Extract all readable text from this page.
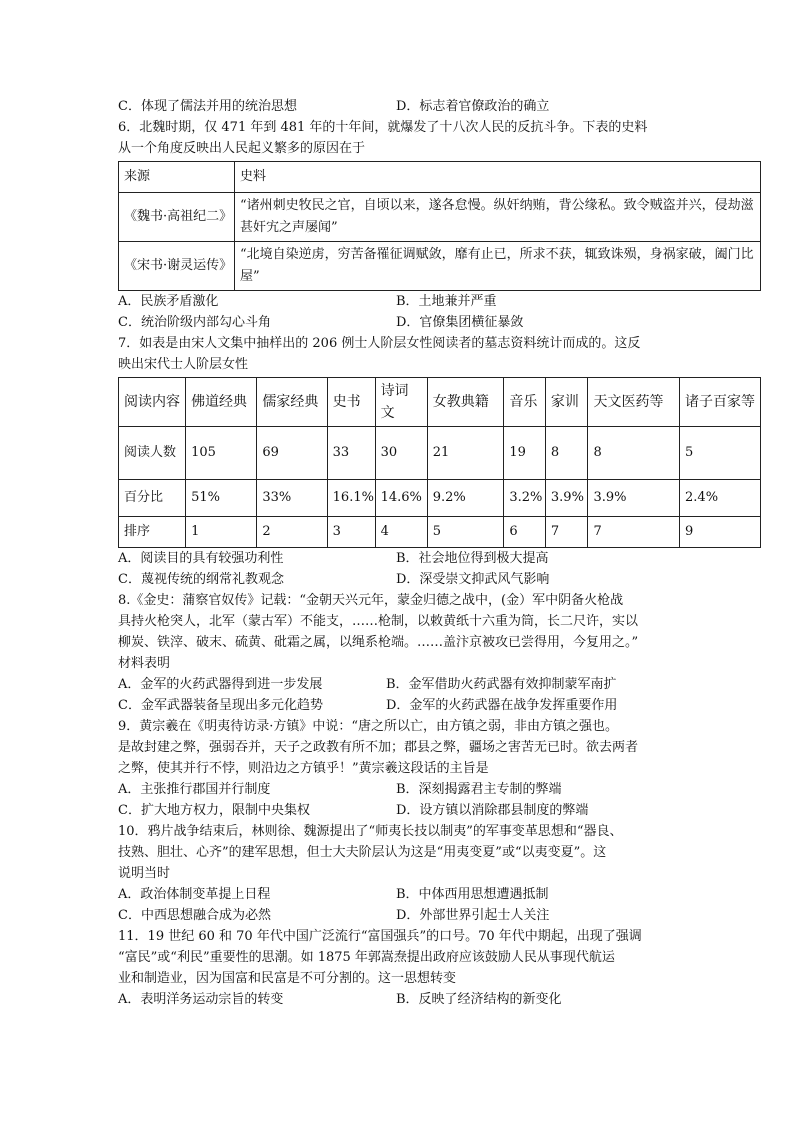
C．体现了儒法并用的统治思想	D．标志着官僚政治的确立
6．北魏时期，仅 471 年到 481 年的十年间，就爆发了十八次人民的反抗斗争。下表的史料
从一个角度反映出人民起义繁多的原因在于
来源	史料
《魏书·高祖纪二》	“诸州刺史牧民之官，自顷以来，遂各怠慢。纵奸纳贿，背公缘私。致令贼盗并兴，侵劫滋甚奸宄之声屡闻”
《宋书·谢灵运传》	“北境自染逆虏，穷苦备罹征调赋敛，靡有止已，所求不获，辄致诛殒，身祸家破，阖门比屋”
A．民族矛盾激化	B．土地兼并严重
C．统治阶级内部勾心斗角	D．官僚集团横征暴敛
7．如表是由宋人文集中抽样出的 206 例士人阶层女性阅读者的墓志资料统计而成的。这反
映出宋代士人阶层女性
阅读内容	佛道经典	儒家经典	史书	诗词文	女教典籍	音乐	家训	天文医药等	诸子百家等
阅读人数	105	69	33	30	21	19	8	8	5
百分比	51%	33%	16.1%	14.6%	9.2%	3.2%	3.9%	3.9%	2.4%
排序	1	2	3	4	5	6	7	7	9
A．阅读目的具有较强功利性	B．社会地位得到极大提高
C．蔑视传统的纲常礼教观念	D．深受崇文抑武风气影响
8.《金史：蒲察官奴传》记载：“金朝天兴元年，蒙金归德之战中，(金）军中阴备火枪战
具持火枪突人，北军（蒙古军）不能支，……枪制，以敕黄纸十六重为筒，长二尺许，实以
柳炭、铁滓、破末、硫黄、砒霜之属，以绳系枪端。……盖汴京被攻已尝得用，今复用之。”
材料表明
A．金军的火药武器得到进一步发展	B．金军借助火药武器有效抑制蒙军南扩
C．金军武器装备呈现出多元化趋势	D．金军的火药武器在战争发挥重要作用
9．黄宗羲在《明夷待访录·方镇》中说：“唐之所以亡，由方镇之弱，非由方镇之强也。
是故封建之弊，强弱吞并，天子之政教有所不加；郡县之弊，疆场之害苦无已时。欲去两者
之弊，使其并行不悖，则沿边之方镇乎！”黄宗羲这段话的主旨是
A．主张推行郡国并行制度	B．深刻揭露君主专制的弊端
C．扩大地方权力，限制中央集权	D．设方镇以消除郡县制度的弊端
10．鸦片战争结束后，林则徐、魏源提出了“师夷长技以制夷”的军事变革思想和“器良、
技熟、胆壮、心齐”的建军思想，但士大夫阶层认为这是“用夷变夏”或“以夷变夏”。这
说明当时
A．政治体制变革提上日程	B．中体西用思想遭遇抵制
C．中西思想融合成为必然	D．外部世界引起士人关注
11．19 世纪 60 和 70 年代中国广泛流行“富国强兵”的口号。70 年代中期起，出现了强调
“富民”或“利民”重要性的思潮。如 1875 年郭嵩焘提出政府应该鼓励人民从事现代航运
业和制造业，因为国富和民富是不可分割的。这一思想转变
A．表明洋务运动宗旨的转变	B．反映了经济结构的新变化
